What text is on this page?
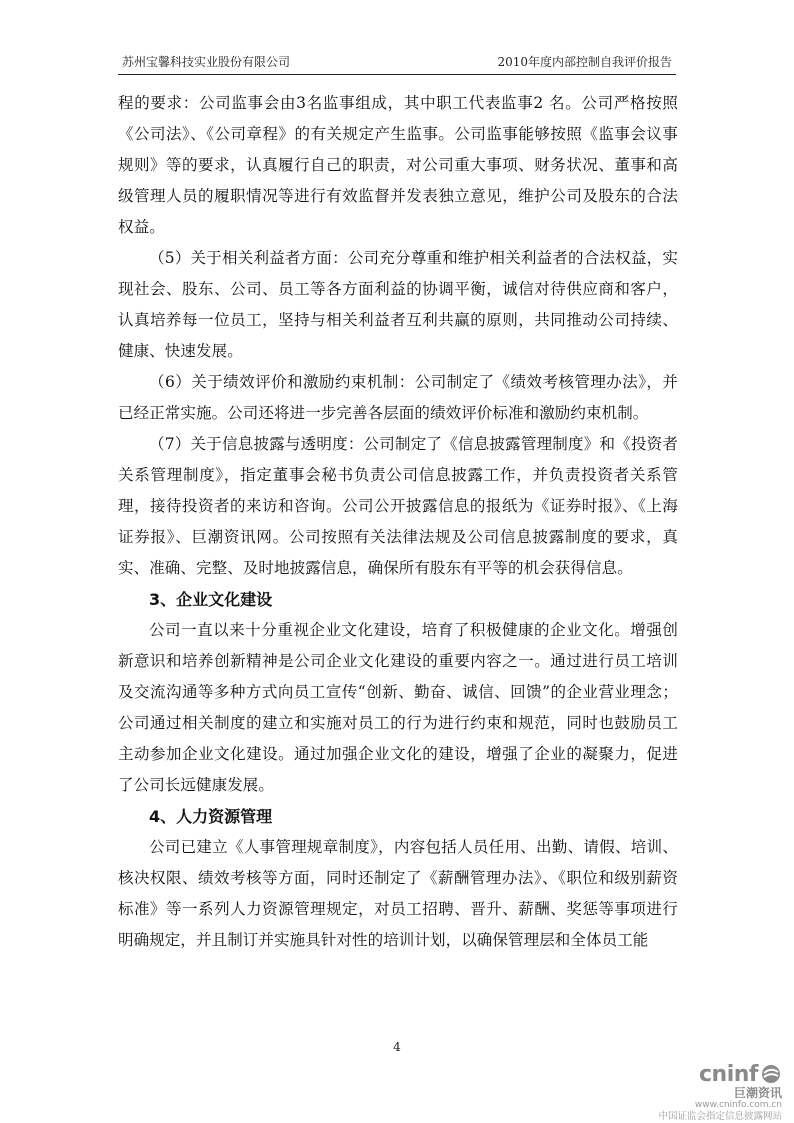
苏州宝馨科技实业股份有限公司	2010年度内部控制自我评价报告

程的要求：公司监事会由3名监事组成，其中职工代表监事2 名。公司严格按照《公司法》、《公司章程》的有关规定产生监事。公司监事能够按照《监事会议事规则》等的要求，认真履行自己的职责，对公司重大事项、财务状况、董事和高级管理人员的履职情况等进行有效监督并发表独立意见，维护公司及股东的合法权益。

（5）关于相关利益者方面：公司充分尊重和维护相关利益者的合法权益，实现社会、股东、公司、员工等各方面利益的协调平衡，诚信对待供应商和客户，认真培养每一位员工，坚持与相关利益者互利共赢的原则，共同推动公司持续、健康、快速发展。

（6）关于绩效评价和激励约束机制：公司制定了《绩效考核管理办法》，并已经正常实施。公司还将进一步完善各层面的绩效评价标准和激励约束机制。

（7）关于信息披露与透明度：公司制定了《信息披露管理制度》和《投资者关系管理制度》，指定董事会秘书负责公司信息披露工作，并负责投资者关系管理，接待投资者的来访和咨询。公司公开披露信息的报纸为《证券时报》、《上海证券报》、巨潮资讯网。公司按照有关法律法规及公司信息披露制度的要求，真实、准确、完整、及时地披露信息，确保所有股东有平等的机会获得信息。

3、企业文化建设

公司一直以来十分重视企业文化建设，培育了积极健康的企业文化。增强创新意识和培养创新精神是公司企业文化建设的重要内容之一。通过进行员工培训及交流沟通等多种方式向员工宣传“创新、勤奋、诚信、回馈”的企业营业理念；公司通过相关制度的建立和实施对员工的行为进行约束和规范，同时也鼓励员工主动参加企业文化建设。通过加强企业文化的建设，增强了企业的凝聚力，促进了公司长远健康发展。

4、人力资源管理

公司已建立《人事管理规章制度》，内容包括人员任用、出勤、请假、培训、核决权限、绩效考核等方面，同时还制定了《薪酬管理办法》、《职位和级别薪资标准》等一系列人力资源管理规定，对员工招聘、晋升、薪酬、奖惩等事项进行明确规定，并且制订并实施具针对性的培训计划，以确保管理层和全体员工能

4
cninf
巨潮资讯
www.cninfo.com.cn
中国证监会指定信息披露网站
